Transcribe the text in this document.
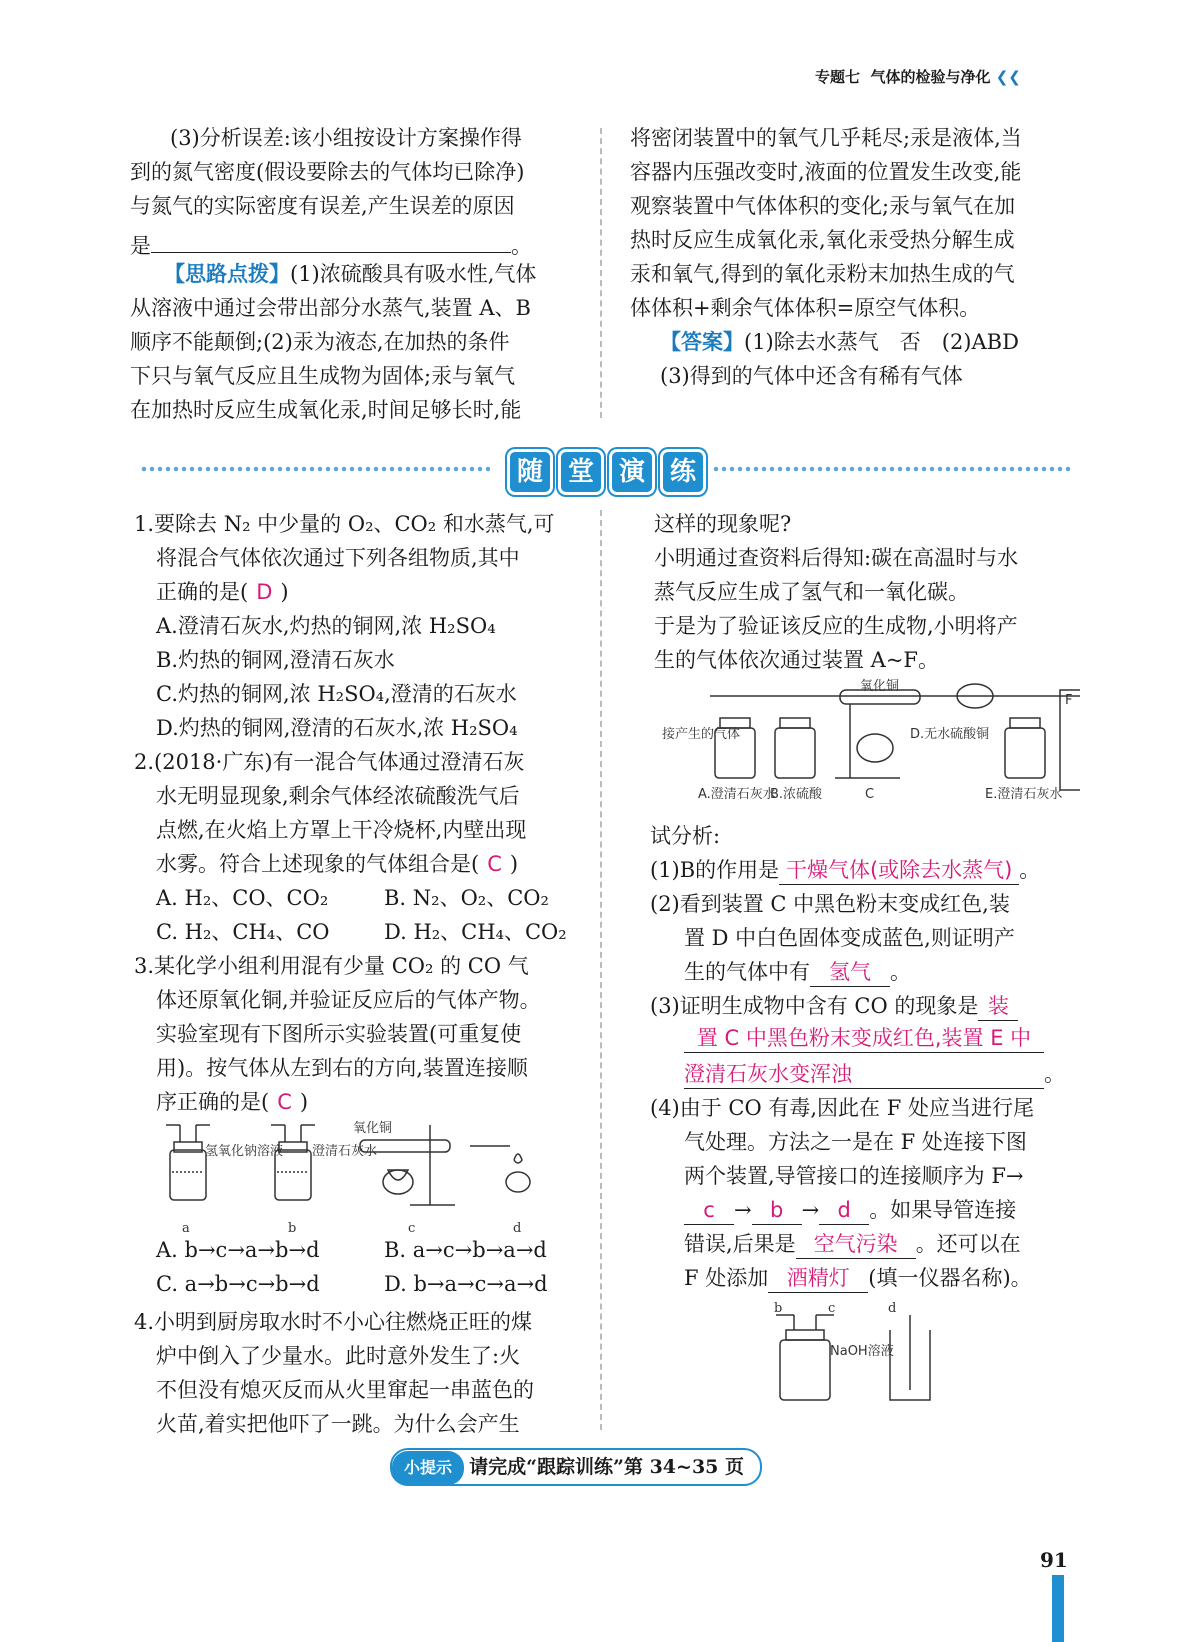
专题七 气体的检验与净化 ❮❮
(3)分析误差:该小组按设计方案操作得
到的氮气密度(假设要除去的气体均已除净)
与氮气的实际密度有误差,产生误差的原因
是	。
【思路点拨】(1)浓硫酸具有吸水性,气体
从溶液中通过会带出部分水蒸气,装置 A、B
顺序不能颠倒;(2)汞为液态,在加热的条件
下只与氧气反应且生成物为固体;汞与氧气
在加热时反应生成氧化汞,时间足够长时,能
将密闭装置中的氧气几乎耗尽;汞是液体,当
容器内压强改变时,液面的位置发生改变,能
观察装置中气体体积的变化;汞与氧气在加
热时反应生成氧化汞,氧化汞受热分解生成
汞和氧气,得到的氧化汞粉末加热生成的气
体体积+剩余气体体积=原空气体积。
【答案】(1)除去水蒸气　否　(2)ABD
(3)得到的气体中还含有稀有气体
随 堂 演 练
1.要除去 N₂ 中少量的 O₂、CO₂ 和水蒸气,可
将混合气体依次通过下列各组物质,其中
正确的是( D )
A.澄清石灰水,灼热的铜网,浓 H₂SO₄
B.灼热的铜网,澄清石灰水
C.灼热的铜网,浓 H₂SO₄,澄清的石灰水
D.灼热的铜网,澄清的石灰水,浓 H₂SO₄
2.(2018·广东)有一混合气体通过澄清石灰
水无明显现象,剩余气体经浓硫酸洗气后
点燃,在火焰上方罩上干冷烧杯,内壁出现
水雾。符合上述现象的气体组合是( C )
A. H₂、CO、CO₂	B. N₂、O₂、CO₂
C. H₂、CH₄、CO	D. H₂、CH₄、CO₂
3.某化学小组利用混有少量 CO₂ 的 CO 气
体还原氧化铜,并验证反应后的气体产物。
实验室现有下图所示实验装置(可重复使
用)。按气体从左到右的方向,装置连接顺
序正确的是( C )
氢氧化钠溶液 澄清石灰水
氧化铜
a	b	c	d
A. b→c→a→b→d	B. a→c→b→a→d
C. a→b→c→b→d	D. b→a→c→a→d
4.小明到厨房取水时不小心往燃烧正旺的煤
炉中倒入了少量水。此时意外发生了:火
不但没有熄灭反而从火里窜起一串蓝色的
火苗,着实把他吓了一跳。为什么会产生
这样的现象呢?
小明通过查资料后得知:碳在高温时与水
蒸气反应生成了氢气和一氧化碳。
于是为了验证该反应的生成物,小明将产
生的气体依次通过装置 A~F。
接产生的气体
A.澄清石灰水
B.浓硫酸	C
氧化铜
D.无水硫酸铜
E.澄清石灰水
F
试分析:
(1)B的作用是 干燥气体(或除去水蒸气) 。
(2)看到装置 C 中黑色粉末变成红色,装
置 D 中白色固体变成蓝色,则证明产
生的气体中有 氢气 。
(3)证明生成物中含有 CO 的现象是 装
置 C 中黑色粉末变成红色,装置 E 中
澄清石灰水变浑浊	。
(4)由于 CO 有毒,因此在 F 处应当进行尾
气处理。方法之一是在 F 处连接下图
两个装置,导管接口的连接顺序为 F→
c → b → d 。如果导管连接
错误,后果是 空气污染 。还可以在
F 处添加 酒精灯 (填一仪器名称)。
b	c	d
NaOH溶液
小提示 请完成“跟踪训练”第 34~35 页
91
